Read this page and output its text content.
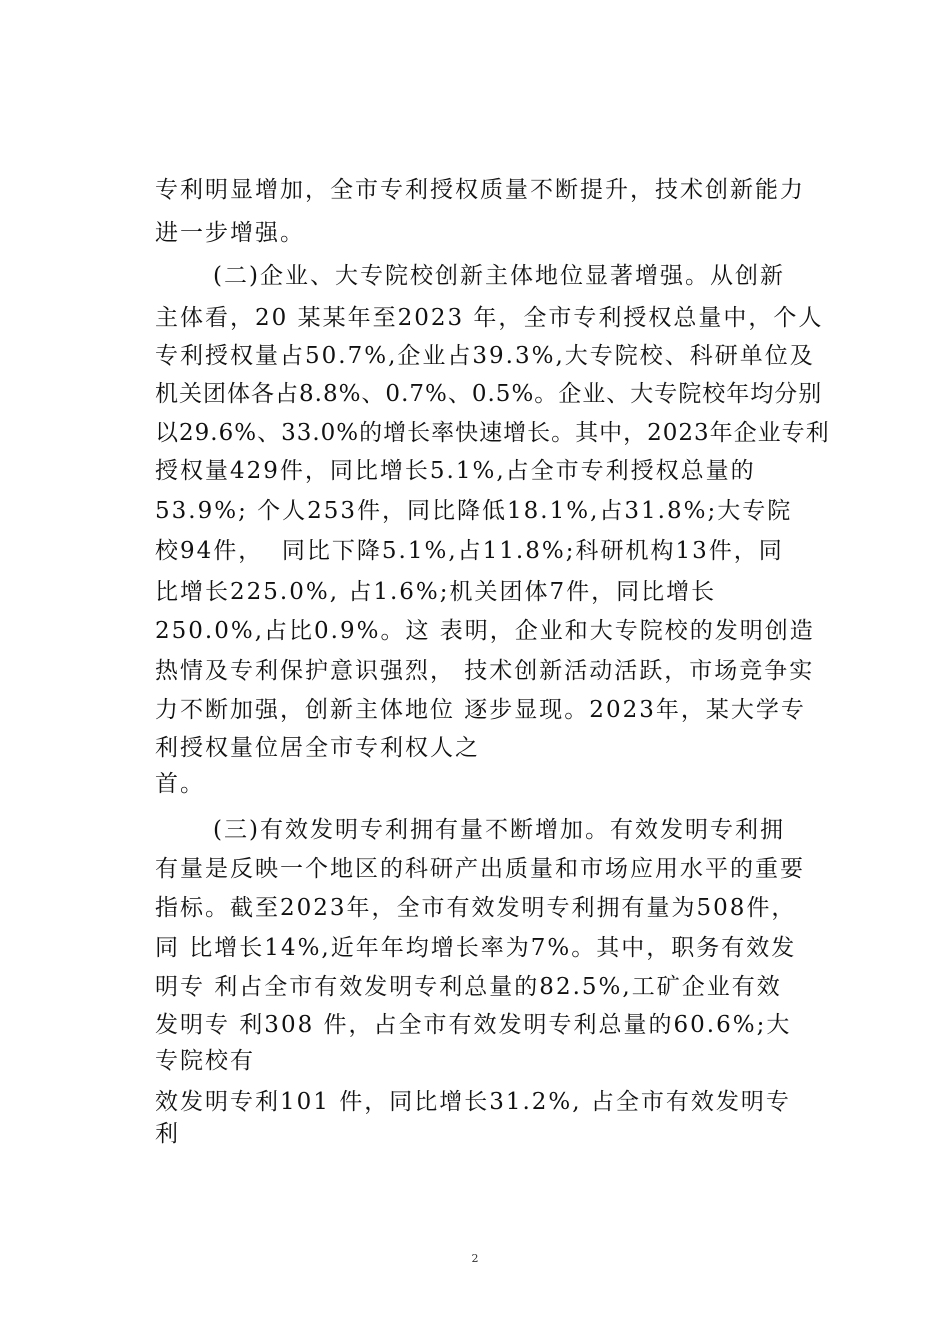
专利明显增加，全市专利授权质量不断提升，技术创新能力
进一步增强。
(二)企业、大专院校创新主体地位显著增强。从创新
主体看，20 某某年至2023 年，全市专利授权总量中，个人
专利授权量占50.7%,企业占39.3%,大专院校、科研单位及
机关团体各占8.8%、0.7%、0.5%。企业、大专院校年均分别
以29.6%、33.0%的增长率快速增长。其中，2023年企业专利
授权量429件，同比增长5.1%,占全市专利授权总量的
53.9%; 个人253件，同比降低18.1%,占31.8%;大专院
校94件，  同比下降5.1%,占11.8%;科研机构13件，同
比增长225.0%, 占1.6%;机关团体7件，同比增长
250.0%,占比0.9%。这 表明，企业和大专院校的发明创造
热情及专利保护意识强烈， 技术创新活动活跃，市场竞争实
力不断加强，创新主体地位 逐步显现。2023年，某大学专
利授权量位居全市专利权人之
首。
(三)有效发明专利拥有量不断增加。有效发明专利拥
有量是反映一个地区的科研产出质量和市场应用水平的重要
指标。截至2023年，全市有效发明专利拥有量为508件，
同 比增长14%,近年年均增长率为7%。其中，职务有效发
明专 利占全市有效发明专利总量的82.5%,工矿企业有效
发明专 利308 件，占全市有效发明专利总量的60.6%;大
专院校有
效发明专利101 件，同比增长31.2%, 占全市有效发明专
利
2
